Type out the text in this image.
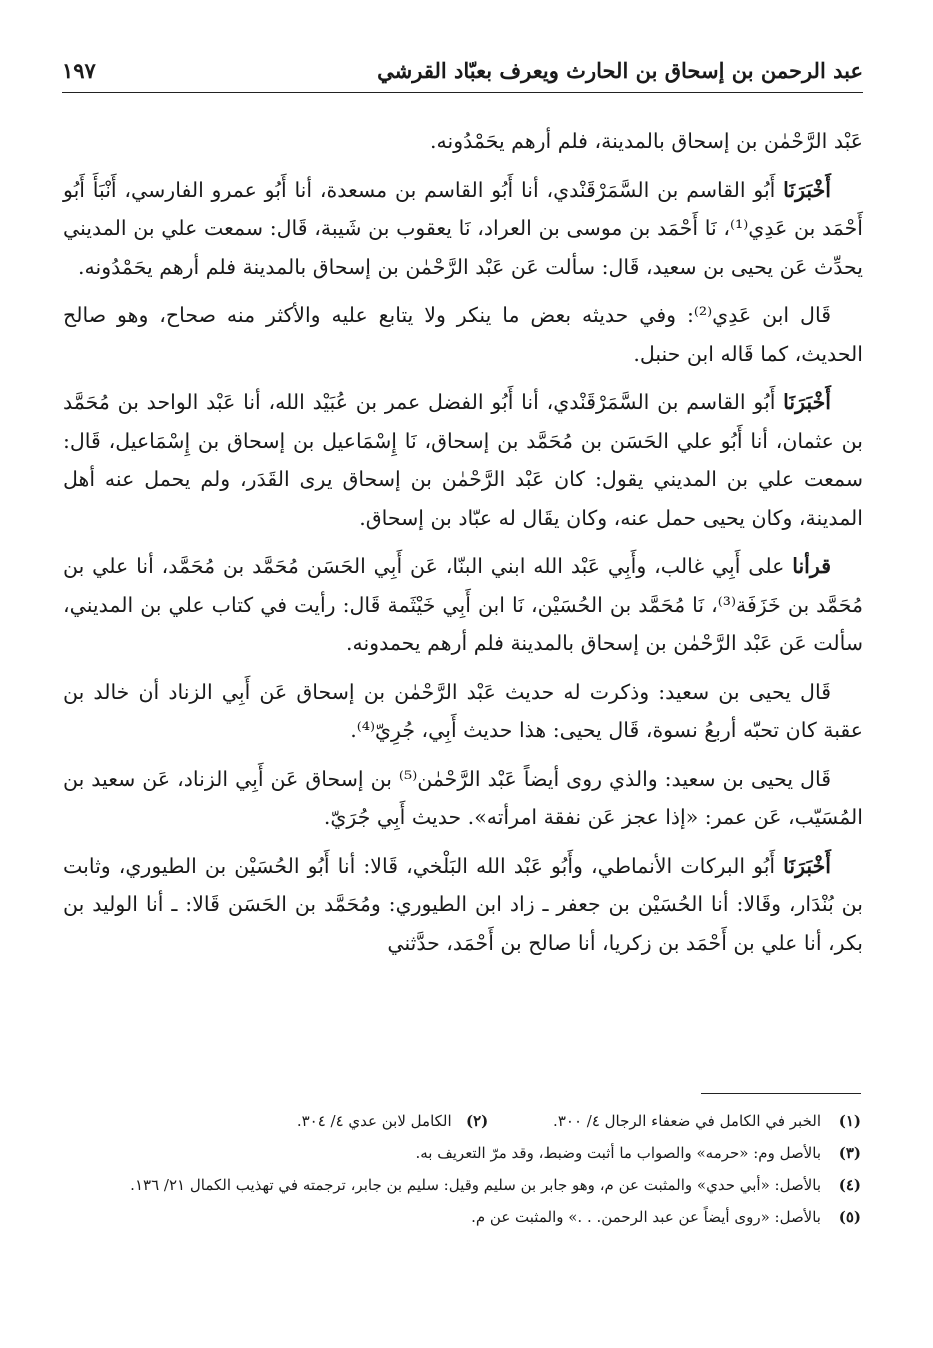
عبد الرحمن بن إسحاق بن الحارث ويعرف بعبّاد القرشي
١٩٧

عَبْد الرَّحْمٰن بن إسحاق بالمدينة، فلم أرهم يحَمْدُونه.

أَخْبَرَنَا أَبُو القاسم بن السَّمَرْقَنْدي، أنا أَبُو القاسم بن مسعدة، أنا أَبُو عمرو الفارسي، أَنْبَأَ أَبُو أَحْمَد بن عَدِي⁽¹⁾، نَا أَحْمَد بن موسى بن العراد، نَا يعقوب بن شَيبة، قَال: سمعت علي بن المديني يحدِّث عَن يحيى بن سعيد، قَال: سألت عَن عَبْد الرَّحْمٰن بن إسحاق بالمدينة فلم أرهم يحَمْدُونه.

قَال ابن عَدِي⁽²⁾: وفي حديثه بعض ما ينكر ولا يتابع عليه والأكثر منه صحاح، وهو صالح الحديث، كما قَاله ابن حنبل.

أَخْبَرَنَا أَبُو القاسم بن السَّمَرْقَنْدي، أنا أَبُو الفضل عمر بن عُبَيْد الله، أنا عَبْد الواحد بن مُحَمَّد بن عثمان، أنا أَبُو علي الحَسَن بن مُحَمَّد بن إسحاق، نَا إِسْمَاعيل بن إسحاق بن إِسْمَاعيل، قَال: سمعت علي بن المديني يقول: كان عَبْد الرَّحْمٰن بن إسحاق يرى القَدَر، ولم يحمل عنه أهل المدينة، وكان يحيى حمل عنه، وكان يقَال له عبّاد بن إسحاق.

قرأنا على أَبِي غالب، وأَبِي عَبْد الله ابني البنّا، عَن أَبِي الحَسَن مُحَمَّد بن مُحَمَّد، أنا علي بن مُحَمَّد بن خَزَفَة⁽³⁾، نَا مُحَمَّد بن الحُسَيْن، نَا ابن أَبِي خَيْثَمة قَال: رأيت في كتاب علي بن المديني، سألت عَن عَبْد الرَّحْمٰن بن إسحاق بالمدينة فلم أرهم يحمدونه.

قَال يحيى بن سعيد: وذكرت له حديث عَبْد الرَّحْمٰن بن إسحاق عَن أَبِي الزناد أن خالد بن عقبة كان تحبّه أربعُ نسوة، قَال يحيى: هذا حديث أَبِي، جُرِيّ⁽⁴⁾.

قَال يحيى بن سعيد: والذي روى أيضاً عَبْد الرَّحْمٰن⁽⁵⁾ بن إسحاق عَن أَبِي الزناد، عَن سعيد بن المُسَيّب، عَن عمر: «إذا عجز عَن نفقة امرأته». حديث أَبِي جُرَيّ.

أَخْبَرَنَا أَبُو البركات الأنماطي، وأَبُو عَبْد الله البَلْخي، قَالا: أنا أَبُو الحُسَيْن بن الطيوري، وثابت بن بُنْدَار، وقَالا: أنا الحُسَيْن بن جعفر ـ زاد ابن الطيوري: ومُحَمَّد بن الحَسَن قَالا: ـ أنا الوليد بن بكر، أنا علي بن أَحْمَد بن زكريا، أنا صالح بن أَحْمَد، حدَّثني

(١)
الخبر في الكامل في ضعفاء الرجال ٤/ ٣٠٠. (٢)   الكامل لابن عدي ٤/ ٣٠٤.
(٣)
بالأصل وم: «حرمه» والصواب ما أثبت وضبط، وقد مرّ التعريف به.
(٤)
بالأصل: «أبي حدي» والمثبت عن م، وهو جابر بن سليم وقيل: سليم بن جابر، ترجمته في تهذيب الكمال ٢١/ ١٣٦.
(٥)
بالأصل: «روى أيضاً عن عبد الرحمن. . .» والمثبت عن م.
